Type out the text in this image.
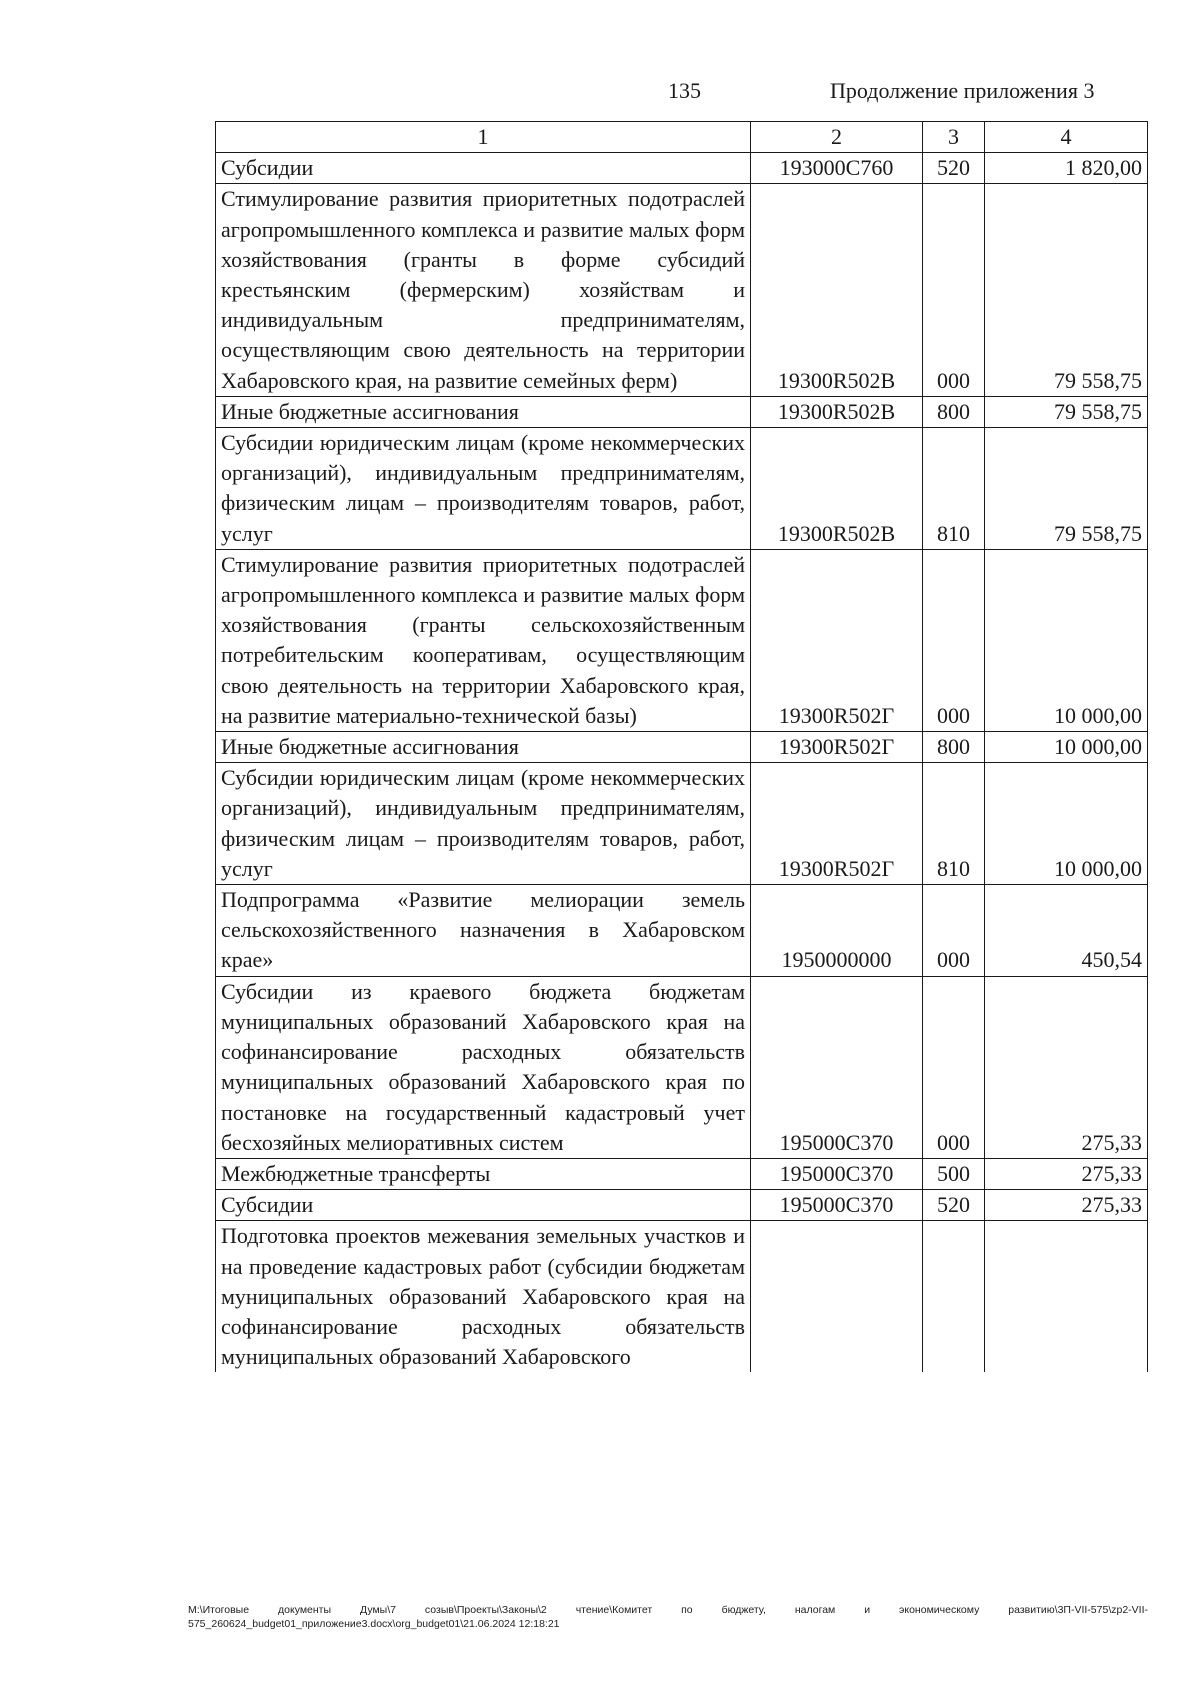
135	Продолжение приложения 3
1	2	3	4
Субсидии	193000С760	520	1 820,00
Стимулирование развития приоритетных подотраслей агропромышленного комплекса и развитие малых форм хозяйствования (гранты в форме субсидий крестьянским (фермерским) хозяйствам и индивидуальным предпринимателям, осуществляющим свою деятельность на территории Хабаровского края, на развитие семейных ферм)	19300R502В	000	79 558,75
Иные бюджетные ассигнования	19300R502В	800	79 558,75
Субсидии юридическим лицам (кроме некоммерческих организаций), индивидуальным предпринимателям, физическим лицам – производителям товаров, работ, услуг	19300R502В	810	79 558,75
Стимулирование развития приоритетных подотраслей агропромышленного комплекса и развитие малых форм хозяйствования (гранты сельскохозяйственным потребительским кооперативам, осуществляющим свою деятельность на территории Хабаровского края, на развитие материально-технической базы)	19300R502Г	000	10 000,00
Иные бюджетные ассигнования	19300R502Г	800	10 000,00
Субсидии юридическим лицам (кроме некоммерческих организаций), индивидуальным предпринимателям, физическим лицам – производителям товаров, работ, услуг	19300R502Г	810	10 000,00
Подпрограмма «Развитие мелиорации земель сельскохозяйственного назначения в Хабаровском крае»	1950000000	000	450,54
Субсидии из краевого бюджета бюджетам муниципальных образований Хабаровского края на софинансирование расходных обязательств муниципальных образований Хабаровского края по постановке на государственный кадастровый учет бесхозяйных мелиоративных систем	195000С370	000	275,33
Межбюджетные трансферты	195000С370	500	275,33
Субсидии	195000С370	520	275,33
Подготовка проектов межевания земельных участков и на проведение кадастровых работ (субсидии бюджетам муниципальных образований Хабаровского края на софинансирование расходных обязательств муниципальных образований Хабаровского			
M:\Итоговые документы Думы\7 созыв\Проекты\Законы\2 чтение\Комитет по бюджету, налогам и экономическому развитию\3П-VII-575\zp2-VII-575_260624_budget01_приложение3.docx\org_budget01\21.06.2024 12:18:21
